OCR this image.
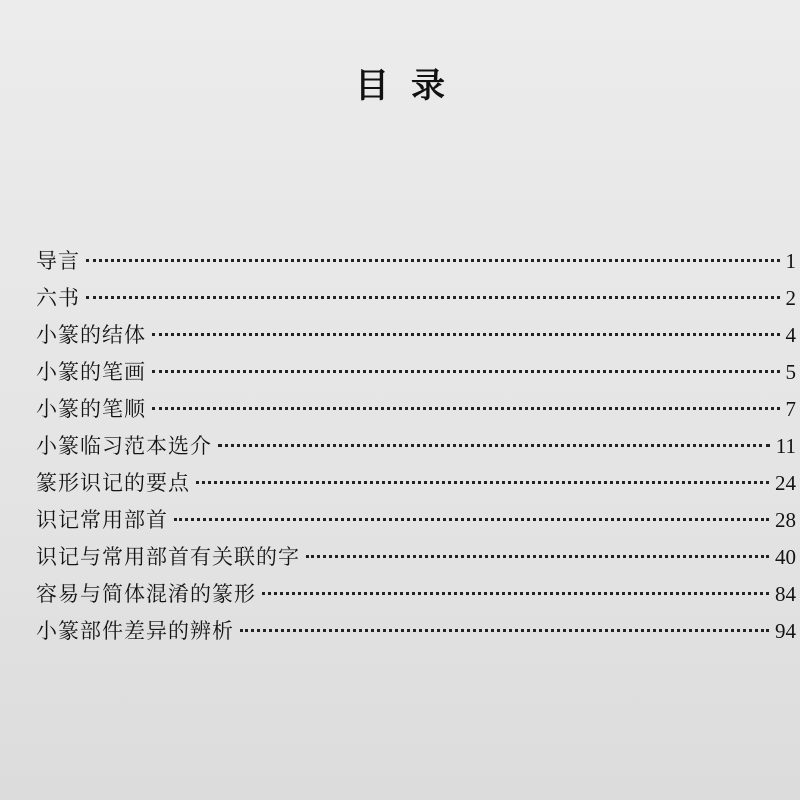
目录
导言	1
六书	2
小篆的结体	4
小篆的笔画	5
小篆的笔顺	7
小篆临习范本选介	11
篆形识记的要点	24
识记常用部首	28
识记与常用部首有关联的字	40
容易与简体混淆的篆形	84
小篆部件差异的辨析	94
